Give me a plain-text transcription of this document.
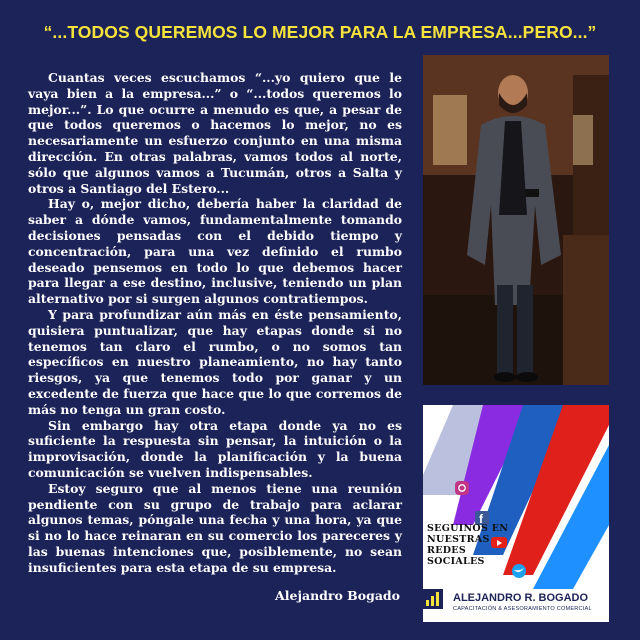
“...TODOS QUEREMOS LO MEJOR PARA LA EMPRESA...PERO...”

Cuantas veces escuchamos “...yo quiero que le vaya bien a la empresa...” o “...todos queremos lo mejor...”. Lo que ocurre a menudo es que, a pesar de que todos queremos o hacemos lo mejor, no es necesariamente un esfuerzo conjunto en una misma dirección. En otras palabras, vamos todos al norte, sólo que algunos vamos a Tucumán, otros a Salta y otros a Santiago del Estero...

Hay o, mejor dicho, debería haber la claridad de saber a dónde vamos, fundamentalmente tomando decisiones pensadas con el debido tiempo y concentración, para una vez definido el rumbo deseado pensemos en todo lo que debemos hacer para llegar a ese destino, inclusive, teniendo un plan alternativo por si surgen algunos contratiempos.

Y para profundizar aún más en éste pensamiento, quisiera puntualizar, que hay etapas donde si no tenemos tan claro el rumbo, o no somos tan específicos en nuestro planeamiento, no hay tanto riesgos, ya que tenemos todo por ganar y un excedente de fuerza que hace que lo que corremos de más no tenga un gran costo.

Sin embargo hay otra etapa donde ya no es suficiente la respuesta sin pensar, la intuición o la improvisación, donde la planificación y la buena comunicación se vuelven indispensables.

Estoy seguro que al menos tiene una reunión pendiente con su grupo de trabajo para aclarar algunos temas, póngale una fecha y una hora, ya que si no lo hace reinaran en su comercio los pareceres y las buenas intenciones que, posiblemente, no sean insuficientes para esta etapa de su empresa.

Alejandro Bogado
f
SEGUINOS EN NUESTRAS REDES SOCIALES
ALEJANDRO R. BOGADO
CAPACITACIÓN & ASESORAMIENTO COMERCIAL
